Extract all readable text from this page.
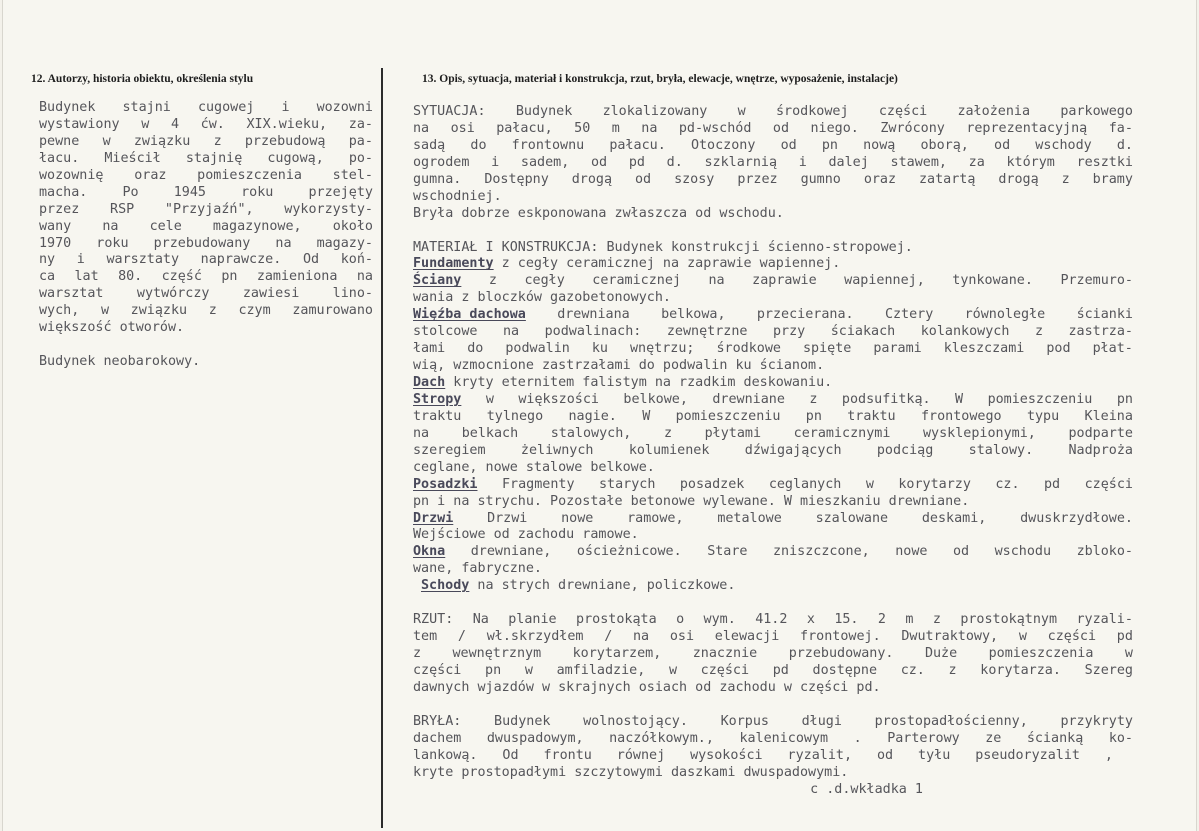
12. Autorzy, historia obiektu, określenia stylu	13. Opis, sytuacja, materiał i konstrukcja, rzut, bryła, elewacje, wnętrze, wyposażenie, instalacje)
Budynek stajni cugowej i wozowni
wystawiony w 4 ćw. XIX.wieku, za-
pewne w związku z przebudową pa-
łacu. Mieścił stajnię cugową, po-
wozownię oraz pomieszczenia stel-
macha.	Po	1945	roku	przejęty
przez RSP "Przyjaźń", wykorzysty-
wany na cele magazynowe, około
1970 roku przebudowany na magazy-
ny i warsztaty naprawcze. Od koń-
ca lat 80. część pn zamieniona na
warsztat wytwórczy zawiesi lino-
wych, w związku z czym zamurowano
większość otworów.
Budynek neobarokowy.
SYTUACJA: Budynek zlokalizowany w środkowej części założenia parkowego
na osi pałacu, 50 m na pd-wschód od niego. Zwrócony reprezentacyjną fa-
sadą do frontownu pałacu. Otoczony od pn nową oborą, od wschody d.
ogrodem i sadem, od pd d. szklarnią i dalej stawem, za którym resztki
gumna. Dostępny drogą od szosy przez gumno oraz zatartą drogą z bramy
wschodniej.
Bryła dobrze eskponowana zwłaszcza od wschodu.
MATERIAŁ I KONSTRUKCJA: Budynek konstrukcji ścienno-stropowej.
Fundamenty z cegły ceramicznej na zaprawie wapiennej.
Ściany z cegły ceramicznej na zaprawie wapiennej, tynkowane. Przemuro-
wania z bloczków gazobetonowych.
Więźba dachowa drewniana belkowa, przecierana. Cztery równoległe ścianki
stolcowe na podwalinach: zewnętrzne przy ściakach kolankowych z zastrza-
łami do podwalin ku wnętrzu; środkowe spięte parami kleszczami pod płat-
wią, wzmocnione zastrzałami do podwalin ku ścianom.
Dach kryty eternitem falistym na rzadkim deskowaniu.
Stropy w większości belkowe, drewniane z podsufitką. W pomieszczeniu pn
traktu tylnego nagie. W pomieszczeniu pn traktu frontowego typu Kleina
na belkach stalowych, z płytami ceramicznymi wysklepionymi, podparte
szeregiem	żeliwnych	kolumienek	dźwigających	podciąg	stalowy.	Nadproża
ceglane, nowe stalowe belkowe.
Posadzki Fragmenty starych posadzek ceglanych w korytarzy cz. pd części
pn i na strychu. Pozostałe betonowe wylewane. W mieszkaniu drewniane.
Drzwi	Drzwi	nowe	ramowe,	metalowe	szalowane	deskami,	dwuskrzydłowe.
Wejściowe od zachodu ramowe.
Okna drewniane, ościeżnicowe. Stare zniszczcone, nowe od wschodu zbloko-
wane, fabryczne.
Schody na strych drewniane, policzkowe.
RZUT: Na planie prostokąta o wym. 41.2 x 15. 2 m z prostokątnym ryzali-
tem / wł.skrzydłem / na osi elewacji frontowej. Dwutraktowy, w części pd
z wewnętrznym korytarzem, znacznie przebudowany. Duże pomieszczenia w
części pn w amfiladzie, w części pd dostępne cz. z korytarza. Szereg
dawnych wjazdów w skrajnych osiach od zachodu w części pd.
BRYŁA: Budynek wolnostojący. Korpus długi prostopadłościenny, przykryty
dachem dwuspadowym, naczółkowym., kalenicowym . Parterowy ze ścianką ko-
lankową. Od frontu równej wysokości ryzalit, od tyłu pseudoryzalit ,
kryte prostopadłymi szczytowymi daszkami dwuspadowymi.
c .d.wkładka 1
